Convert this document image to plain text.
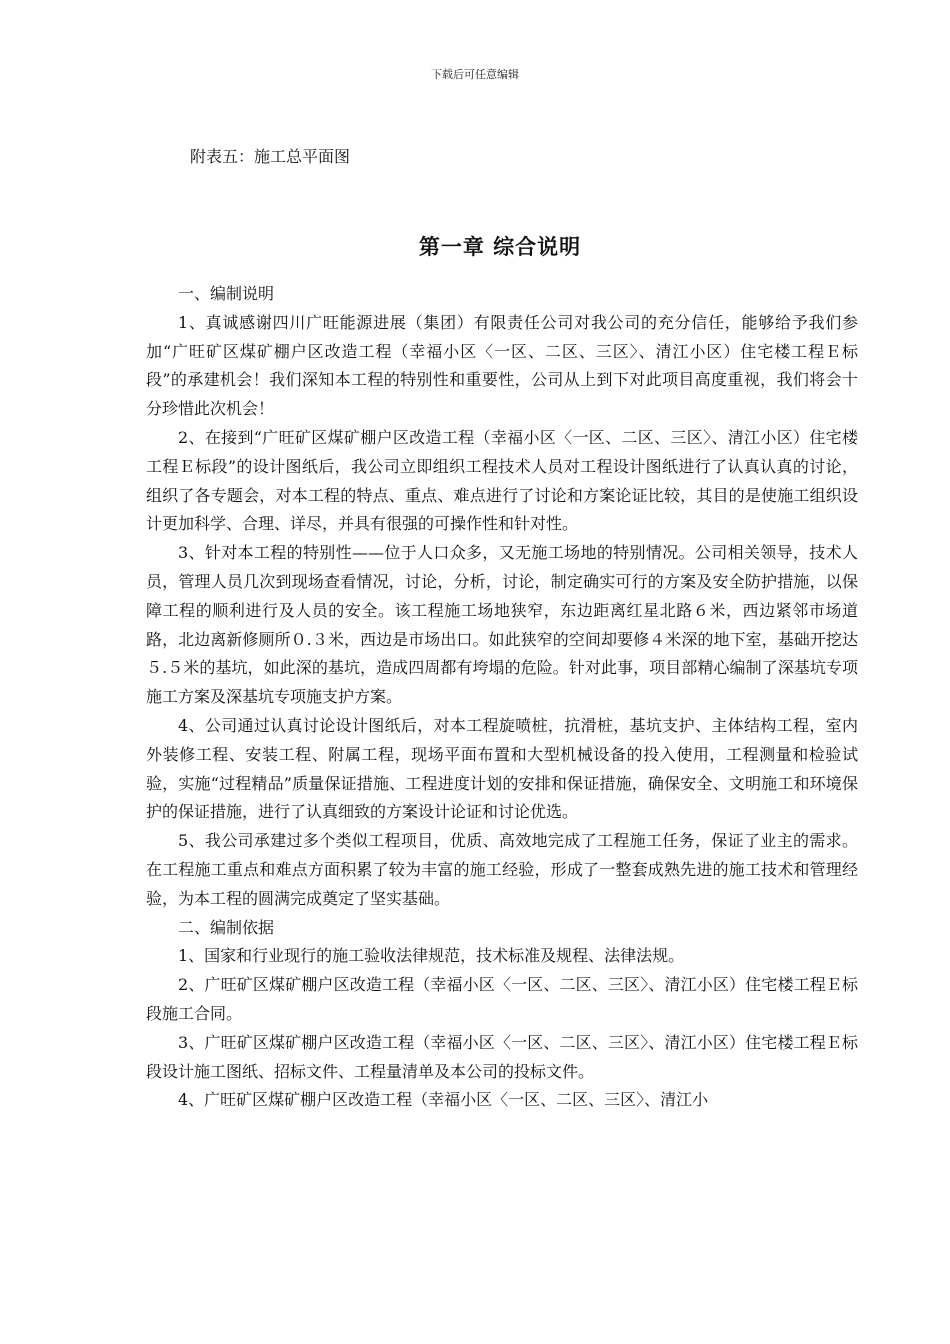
下载后可任意编辑
附表五：施工总平面图
第一章 综合说明

一、编制说明

1、真诚感谢四川广旺能源进展（集团）有限责任公司对我公司的充分信任，能够给予我们参加“广旺矿区煤矿棚户区改造工程（幸福小区〈一区、二区、三区〉、清江小区）住宅楼工程Ｅ标段”的承建机会！我们深知本工程的特别性和重要性，公司从上到下对此项目高度重视，我们将会十分珍惜此次机会！

2、在接到“广旺矿区煤矿棚户区改造工程（幸福小区〈一区、二区、三区〉、清江小区）住宅楼工程Ｅ标段”的设计图纸后，我公司立即组织工程技术人员对工程设计图纸进行了认真认真的讨论，组织了各专题会，对本工程的特点、重点、难点进行了讨论和方案论证比较，其目的是使施工组织设计更加科学、合理、详尽，并具有很强的可操作性和针对性。

3、针对本工程的特别性——位于人口众多，又无施工场地的特别情况。公司相关领导，技术人员，管理人员几次到现场查看情况，讨论，分析，讨论，制定确实可行的方案及安全防护措施，以保障工程的顺利进行及人员的安全。该工程施工场地狭窄，东边距离红星北路６米，西边紧邻市场道路，北边离新修厕所０.３米，西边是市场出口。如此狭窄的空间却要修４米深的地下室，基础开挖达５.５米的基坑，如此深的基坑，造成四周都有垮塌的危险。针对此事，项目部精心编制了深基坑专项施工方案及深基坑专项施支护方案。

4、公司通过认真讨论设计图纸后，对本工程旋喷桩，抗滑桩，基坑支护、主体结构工程，室内外装修工程、安装工程、附属工程，现场平面布置和大型机械设备的投入使用，工程测量和检验试验，实施“过程精品”质量保证措施、工程进度计划的安排和保证措施，确保安全、文明施工和环境保护的保证措施，进行了认真细致的方案设计论证和讨论优选。

5、我公司承建过多个类似工程项目，优质、高效地完成了工程施工任务，保证了业主的需求。在工程施工重点和难点方面积累了较为丰富的施工经验，形成了一整套成熟先进的施工技术和管理经验，为本工程的圆满完成奠定了坚实基础。

二、编制依据

1、国家和行业现行的施工验收法律规范，技术标准及规程、法律法规。

2、广旺矿区煤矿棚户区改造工程（幸福小区〈一区、二区、三区〉、清江小区）住宅楼工程Ｅ标段施工合同。

3、广旺矿区煤矿棚户区改造工程（幸福小区〈一区、二区、三区〉、清江小区）住宅楼工程Ｅ标段设计施工图纸、招标文件、工程量清单及本公司的投标文件。

4、广旺矿区煤矿棚户区改造工程（幸福小区〈一区、二区、三区〉、清江小
